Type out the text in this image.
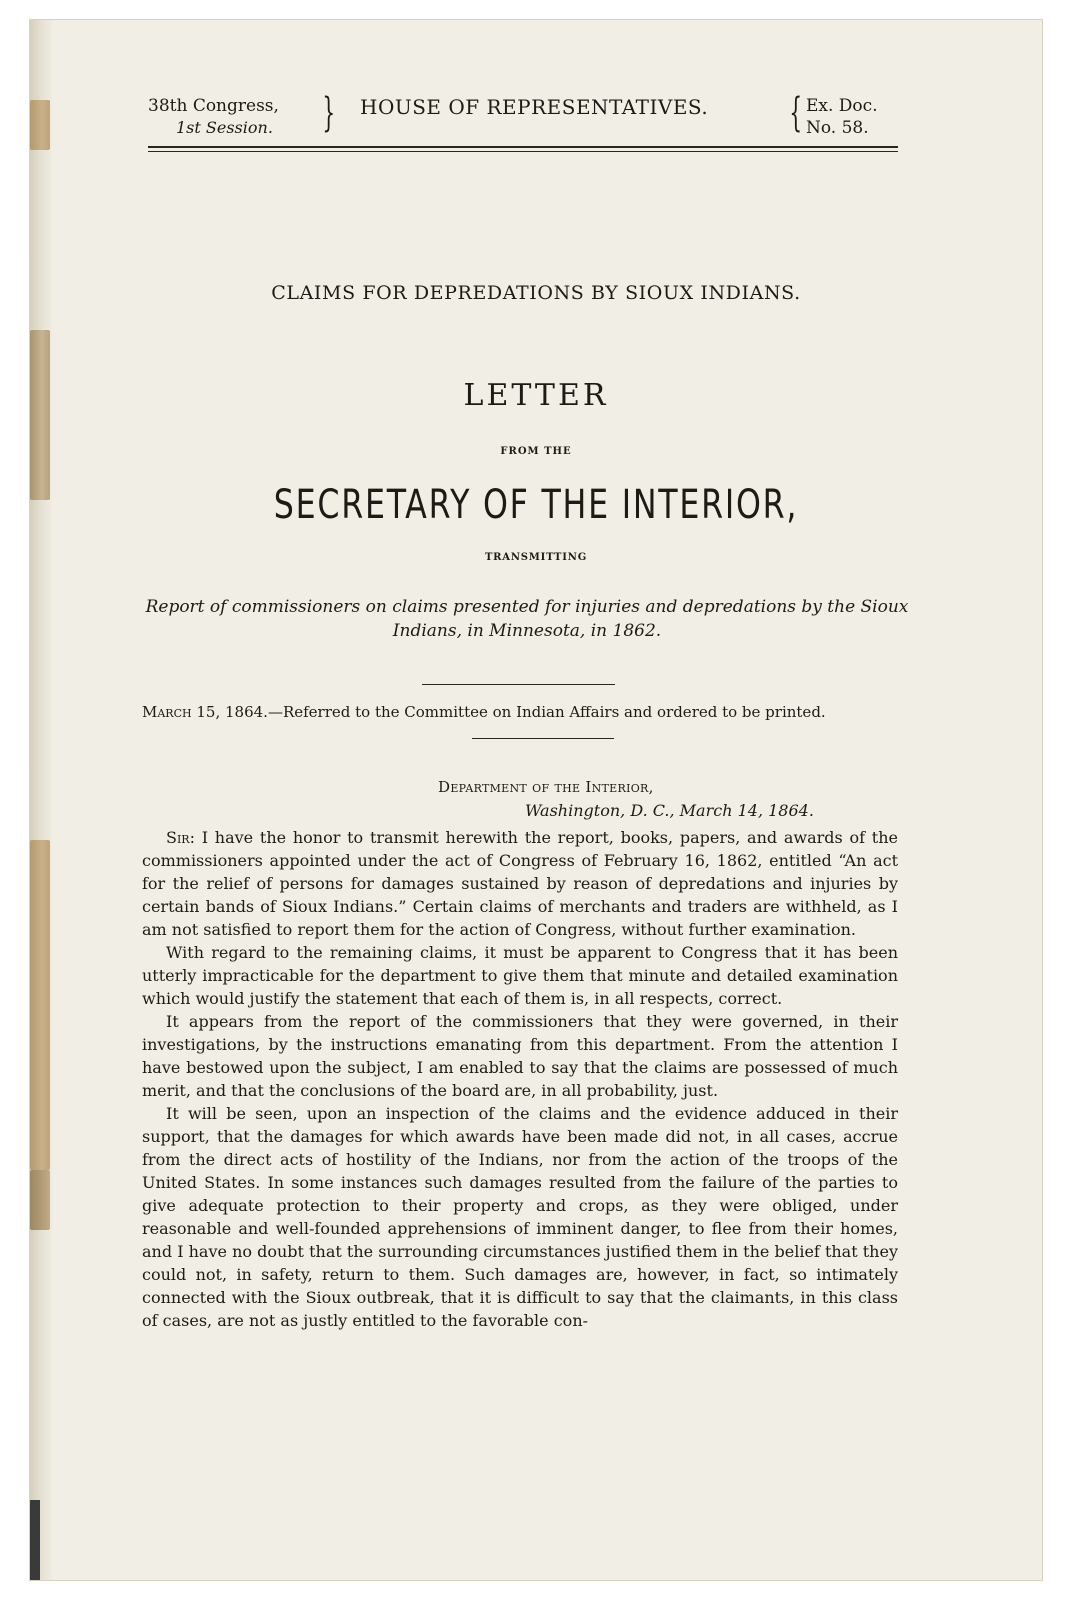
38th Congress,
1st Session. } HOUSE OF REPRESENTATIVES. { Ex. Doc.
No. 58.
CLAIMS FOR DEPREDATIONS BY SIOUX INDIANS.
LETTER
FROM THE
SECRETARY OF THE INTERIOR,
TRANSMITTING
Report of commissioners on claims presented for injuries and depredations by the Sioux Indians, in Minnesota, in 1862.
March 15, 1864.—Referred to the Committee on Indian Affairs and ordered to be printed.
Department of the Interior,
Washington, D. C., March 14, 1864.

Sir: I have the honor to transmit herewith the report, books, papers, and awards of the commissioners appointed under the act of Congress of February 16, 1862, entitled “An act for the relief of persons for damages sustained by reason of depredations and injuries by certain bands of Sioux Indians.” Certain claims of merchants and traders are withheld, as I am not satisfied to report them for the action of Congress, without further examination.

With regard to the remaining claims, it must be apparent to Congress that it has been utterly impracticable for the department to give them that minute and detailed examination which would justify the statement that each of them is, in all respects, correct.

It appears from the report of the commissioners that they were governed, in their investigations, by the instructions emanating from this department. From the attention I have bestowed upon the subject, I am enabled to say that the claims are possessed of much merit, and that the conclusions of the board are, in all probability, just.

It will be seen, upon an inspection of the claims and the evidence adduced in their support, that the damages for which awards have been made did not, in all cases, accrue from the direct acts of hostility of the Indians, nor from the action of the troops of the United States. In some instances such damages resulted from the failure of the parties to give adequate protection to their property and crops, as they were obliged, under reasonable and well-founded apprehensions of imminent danger, to flee from their homes, and I have no doubt that the surrounding circumstances justified them in the belief that they could not, in safety, return to them. Such damages are, however, in fact, so intimately connected with the Sioux outbreak, that it is difficult to say that the claimants, in this class of cases, are not as justly entitled to the favorable con-
